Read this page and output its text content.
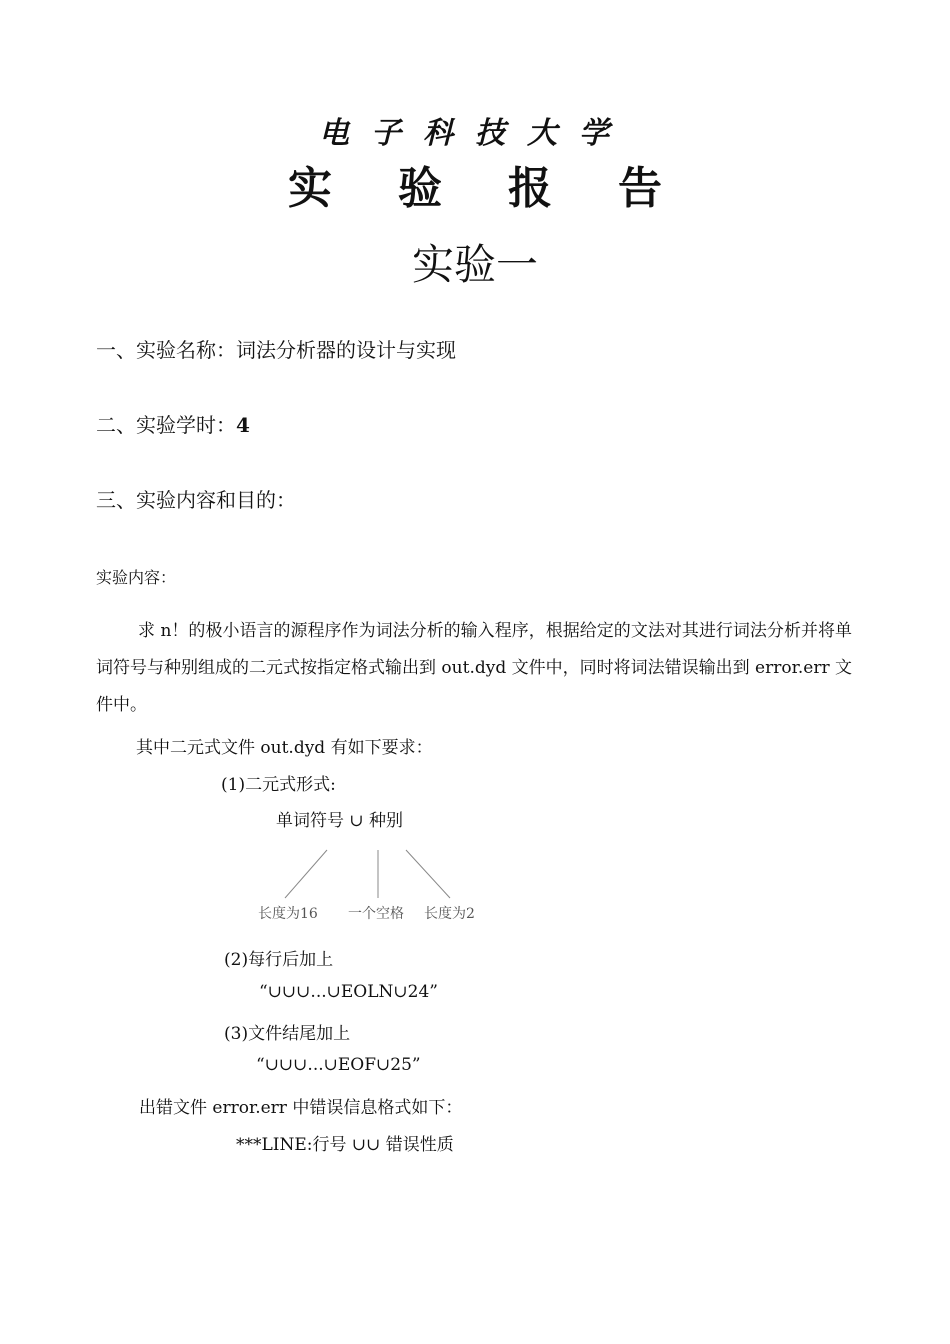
电子科技大学
实验报告
实验一
一、实验名称：词法分析器的设计与实现
二、实验学时：4
三、实验内容和目的：
实验内容：
求 n！的极小语言的源程序作为词法分析的输入程序，根据给定的文法对其进行词法分析并将单词符号与种别组成的二元式按指定格式输出到 out.dyd 文件中，同时将词法错误输出到 error.err 文件中。
其中二元式文件 out.dyd 有如下要求：
(1)二元式形式:
单词符号 ∪ 种别
长度为16 一个空格 长度为2
(2)每行后加上
“∪∪∪...∪EOLN∪24”
(3)文件结尾加上
“∪∪∪...∪EOF∪25”
出错文件 error.err 中错误信息格式如下：
***LINE:行号 ∪∪ 错误性质
